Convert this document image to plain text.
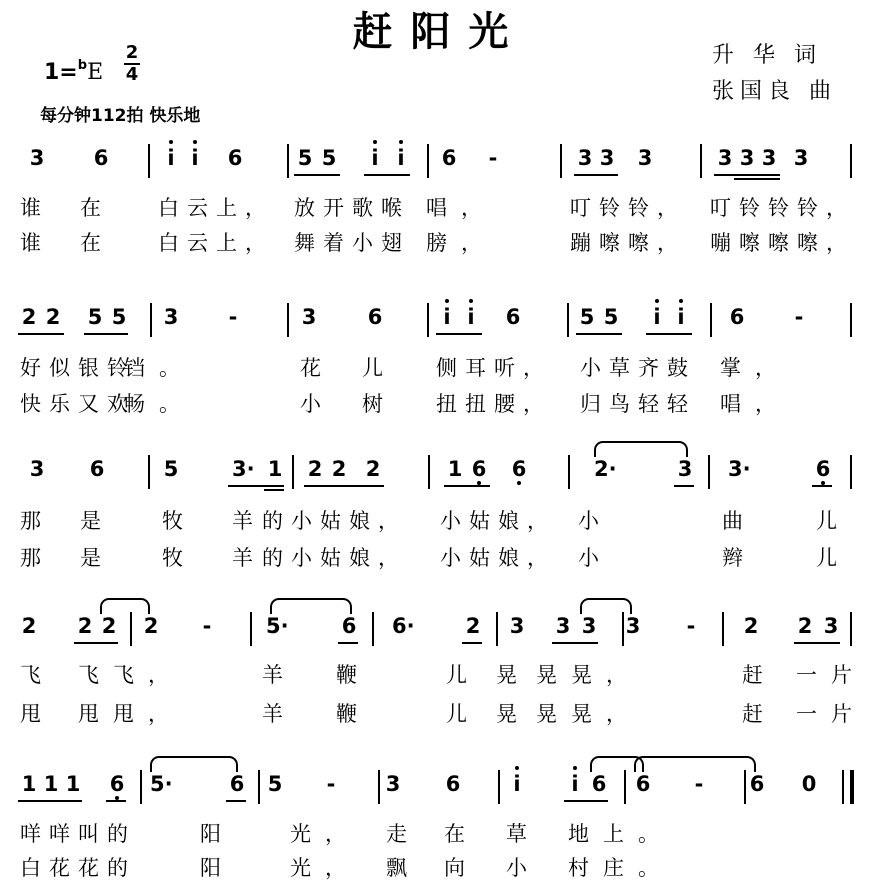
赶阳光
升 华 词
张国良 曲
1=$^b$E
2
4
每分钟112拍 快乐地
3 6	i i 6	5 5 i i 6 -	3 3 3	3 3 3 3
谁 在	白云上， 放开歌喉 唱，	叮铃铃， 叮铃铃铃，
谁 在	白云上， 舞着小翅 膀，	蹦嚓嚓， 嘣嚓嚓嚓，
2 2 5 5 3 -	3 6	i i 6	5 5 i i 6 -
好似银铃
铛。	花 儿	侧耳听， 小草齐鼓 掌，
快乐又欢
畅。	小 树	扭扭腰， 归鸟轻轻 唱，
3 6	5	3· 1 2 2 2	1 6 6	2·	3 3·	6
那 是	牧 羊 的小姑娘， 小姑娘， 小	曲	儿
那 是	牧 羊 的小姑娘， 小姑娘， 小	辫	儿
2 2 2 2 -	5·	6 6· 2 3 3 3 3 - 2 2 3
飞 飞飞，	羊	鞭	儿 晃 晃晃，	赶 一片
甩 甩甩，	羊	鞭	儿 晃 晃晃，	赶 一片
1 1 1 6 5·	6 5 - 3 6	i i 6 6 - 6 0
咩咩叫的	阳	光， 走 在 草 地上。
白花花的	阳	光， 飘 向 小 村庄。
